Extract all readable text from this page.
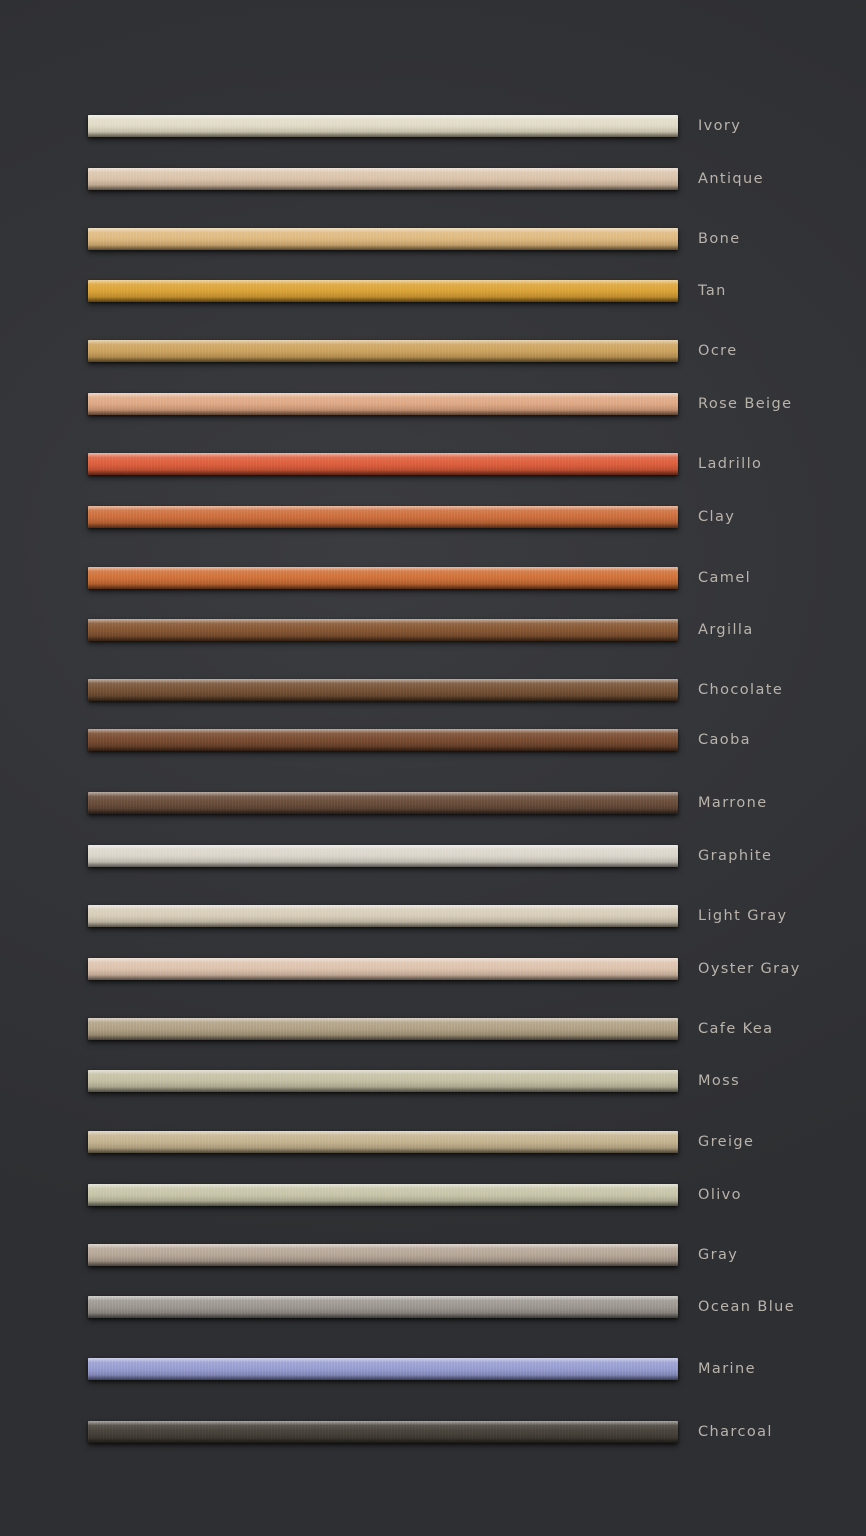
Ivory
Antique
Bone
Tan
Ocre
Rose Beige
Ladrillo
Clay
Camel
Argilla
Chocolate
Caoba
Marrone
Graphite
Light Gray
Oyster Gray
Cafe Kea
Moss
Greige
Olivo
Gray
Ocean Blue
Marine
Charcoal
